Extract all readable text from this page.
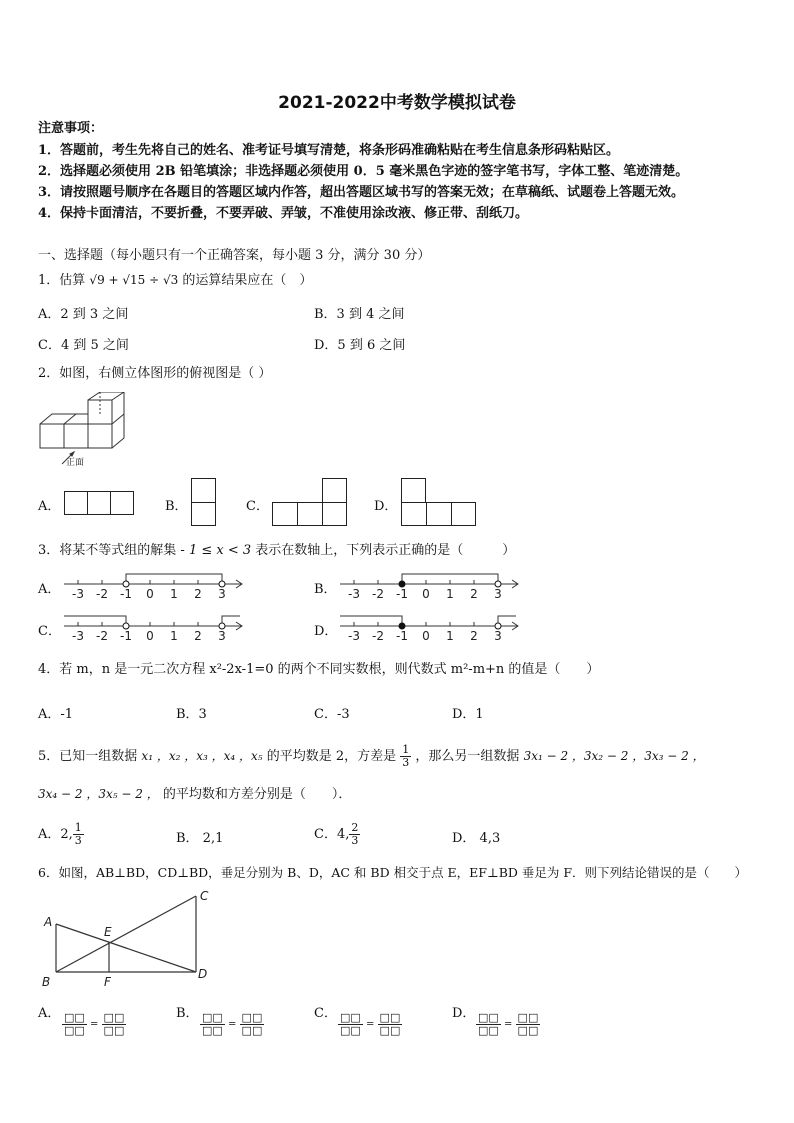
2021-2022中考数学模拟试卷
注意事项：
1．答题前，考生先将自己的姓名、准考证号填写清楚，将条形码准确粘贴在考生信息条形码粘贴区。
2．选择题必须使用 2B 铅笔填涂；非选择题必须使用 0．5 毫米黑色字迹的签字笔书写，字体工整、笔迹清楚。
3．请按照题号顺序在各题目的答题区域内作答，超出答题区域书写的答案无效；在草稿纸、试题卷上答题无效。
4．保持卡面清洁，不要折叠，不要弄破、弄皱，不准使用涂改液、修正带、刮纸刀。
一、选择题（每小题只有一个正确答案，每小题 3 分，满分 30 分）
1．估算 √9 + √15 ÷ √3 的运算结果应在（　）
A．2 到 3 之间	B．3 到 4 之间
C．4 到 5 之间	D．5 到 6 之间
2．如图，右侧立体图形的俯视图是（ ）
正面
A．	B．	C．	D．
3．将某不等式组的解集 - 1 ≤ x < 3 表示在数轴上，下列表示正确的是（　　　）
A． -3 -2 -1 0 1 2 3	B． -3 -2 -1 0 1 2 3
C． -3 -2 -1 0 1 2 3	D． -3 -2 -1 0 1 2 3
4．若 m，n 是一元二次方程 x²-2x-1=0 的两个不同实数根，则代数式 m²-m+n 的值是（　　）
A．-1	B．3	C．-3	D．1
5．已知一组数据 x₁ ，x₂ ，x₃ ，x₄ ，x₅ 的平均数是 2，方差是 $\frac{1}{3}$ ，那么另一组数据 3x₁ − 2 ，3x₂ − 2 ，3x₃ − 2 ，
3x₄ − 2 ，3x₅ − 2 ， 的平均数和方差分别是（　　）．
A．2, $\frac{1}{3}$	B． 2,1	C．4, $\frac{2}{3}$	D． 4,3
6．如图，AB⊥BD，CD⊥BD，垂足分别为 B、D，AC 和 BD 相交于点 E，EF⊥BD 垂足为 F．则下列结论错误的是（　　）
A
B
C
D
E
F
A． $\frac{□□}{□□} = \frac{□□}{□□}$	B． $\frac{□□}{□□} = \frac{□□}{□□}$	C． $\frac{□□}{□□} = \frac{□□}{□□}$	D． $\frac{□□}{□□} = \frac{□□}{□□}$
